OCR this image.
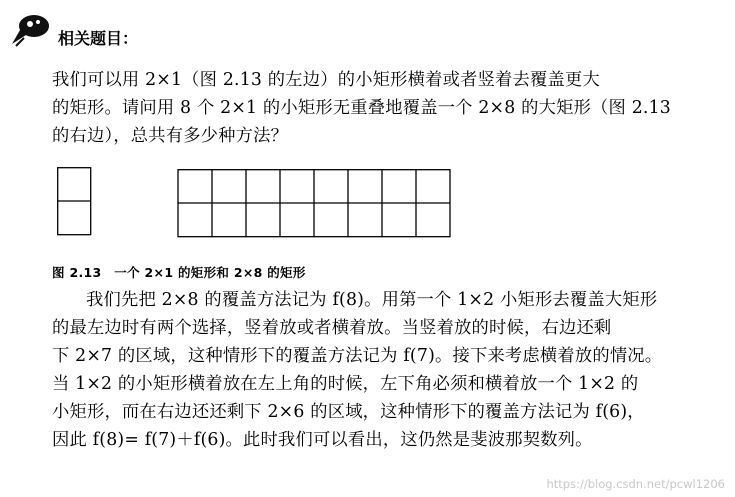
相关题目：

我们可以用 2×1（图 2.13 的左边）的小矩形横着或者竖着去覆盖更大
的矩形。请问用 8 个 2×1 的小矩形无重叠地覆盖一个 2×8 的大矩形（图 2.13
的右边），总共有多少种方法？

图 2.13　一个 2×1 的矩形和 2×8 的矩形

我们先把 2×8 的覆盖方法记为 f(8)。用第一个 1×2 小矩形去覆盖大矩形
的最左边时有两个选择，竖着放或者横着放。当竖着放的时候，右边还剩
下 2×7 的区域，这种情形下的覆盖方法记为 f(7)。接下来考虑横着放的情况。
当 1×2 的小矩形横着放在左上角的时候，左下角必须和横着放一个 1×2 的
小矩形，而在右边还还剩下 2×6 的区域，这种情形下的覆盖方法记为 f(6)，
因此 f(8)= f(7)＋f(6)。此时我们可以看出，这仍然是斐波那契数列。

https://blog.csdn.net/pcwl1206
